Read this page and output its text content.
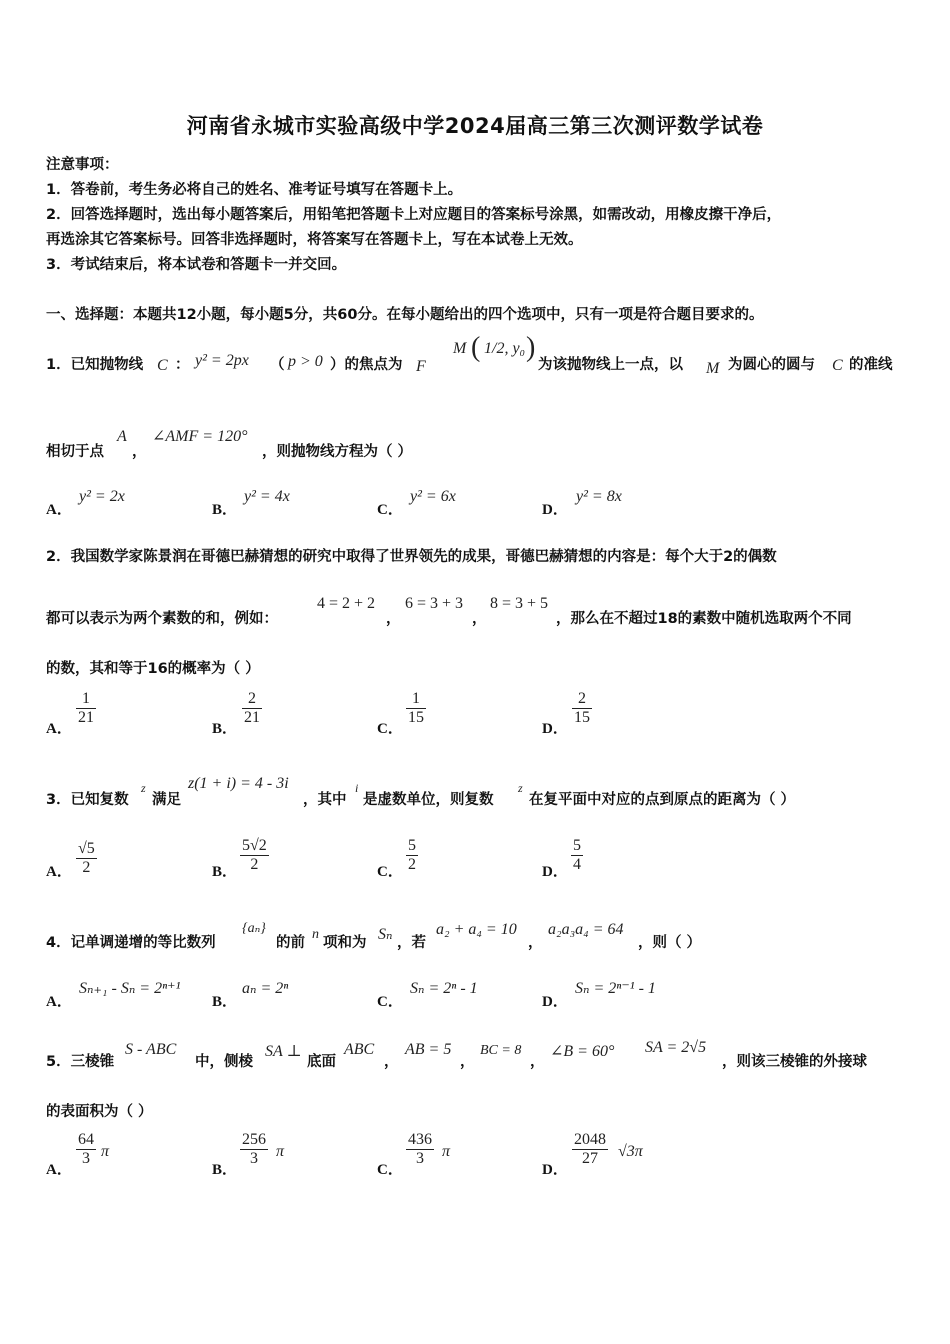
河南省永城市实验高级中学2024届高三第三次测评数学试卷
注意事项：
1．答卷前，考生务必将自己的姓名、准考证号填写在答题卡上。
2．回答选择题时，选出每小题答案后，用铅笔把答题卡上对应题目的答案标号涂黑，如需改动，用橡皮擦干净后，
再选涂其它答案标号。回答非选择题时，将答案写在答题卡上，写在本试卷上无效。
3．考试结束后，将本试卷和答题卡一并交回。
一、选择题：本题共12小题，每小题5分，共60分。在每小题给出的四个选项中，只有一项是符合题目要求的。
1．已知抛物线 C ： y² = 2px （ p > 0 ）的焦点为 F
M ( 1/2, y₀ )
为该抛物线上一点，以 M 为圆心的圆与 C 的准线
相切于点
A
，
∠AMF = 120°
，则抛物线方程为（ ）
A．
y² = 2x
B．
y² = 4x
C．
y² = 6x
D．
y² = 8x
2．我国数学家陈景润在哥德巴赫猜想的研究中取得了世界领先的成果，哥德巴赫猜想的内容是：每个大于2的偶数
都可以表示为两个素数的和，例如：
4 = 2 + 2
，
6 = 3 + 3
，
8 = 3 + 5
，那么在不超过18的素数中随机选取两个不同
的数，其和等于16的概率为（ ）
A．
$\frac{1}{21}$
B．
$\frac{2}{21}$
C．
$\frac{1}{15}$
D．
$\frac{2}{15}$
3．已知复数
z
满足
z(1 + i) = 4 - 3i
，其中
i
是虚数单位，则复数
z
在复平面中对应的点到原点的距离为（ ）
A． $\frac{√5}{2}$	B． $\frac{5√2}{2}$	C． $\frac{5}{2}$	D． $\frac{5}{4}$
4．记单调递增的等比数列
{aₙ}
的前
n
项和为 Sₙ ，若
a₂ + a₄ = 10
，
a₂a₃a₄ = 64
，则（ ）
A．
Sₙ₊₁ - Sₙ = 2ⁿ⁺¹
B．
aₙ = 2ⁿ
C．
Sₙ = 2ⁿ - 1
D．
Sₙ = 2ⁿ⁻¹ - 1
5．三棱锥
S - ABC
中，侧棱
SA ⊥
底面
ABC
，
AB = 5
，
BC = 8
，
∠B = 60° SA = 2√5
的表面积为（ ）
A．
$\frac{64}{3}$ π
B．
$\frac{256}{3}$ π
C．
$\frac{436}{3}$ π
D．
$\frac{2048}{27} √3\pi$
，则该三棱锥的外接球
